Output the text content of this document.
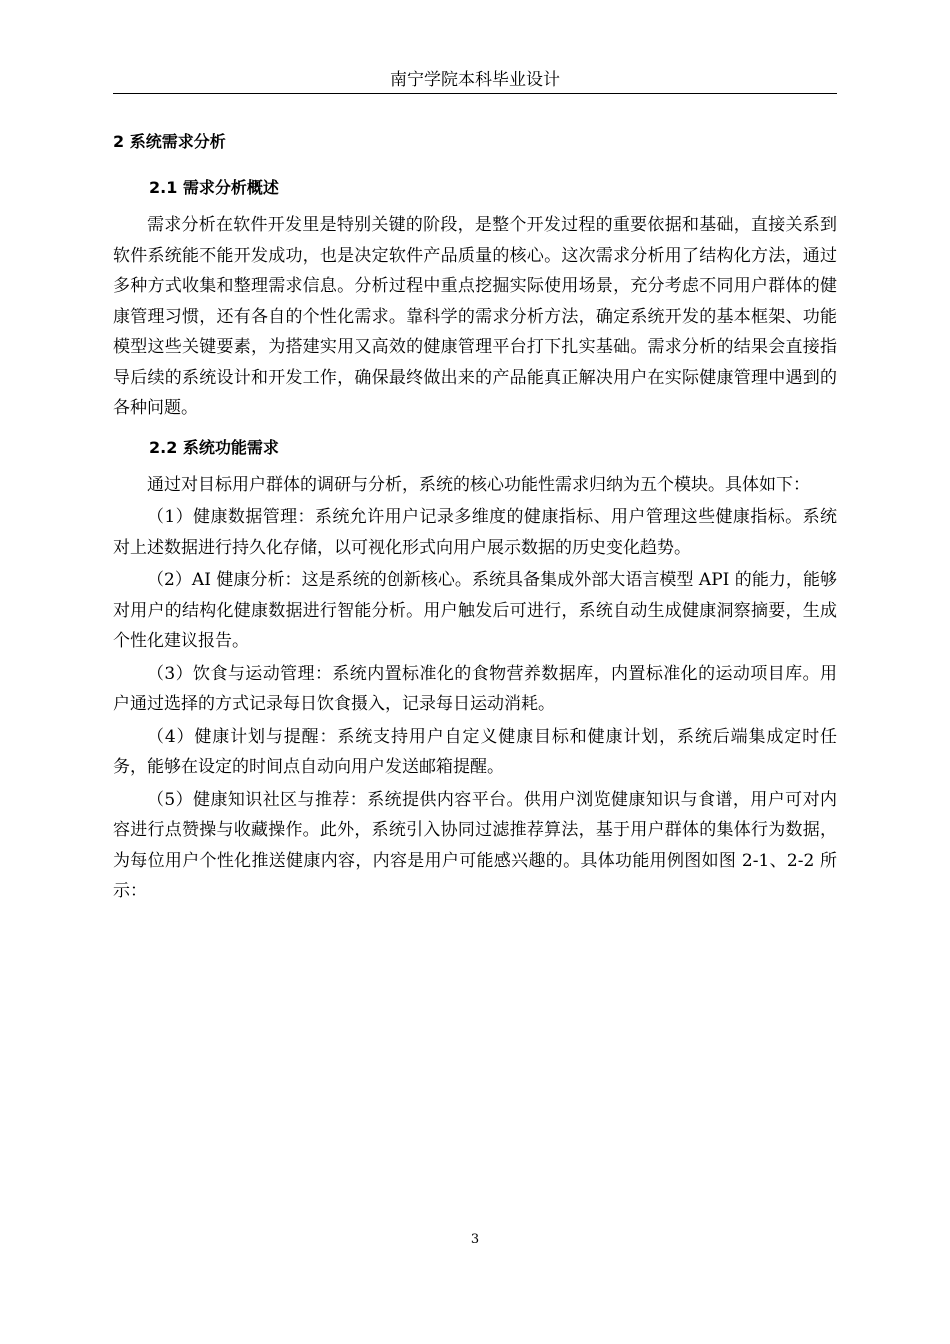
南宁学院本科毕业设计
2 系统需求分析
2.1 需求分析概述

需求分析在软件开发里是特别关键的阶段，是整个开发过程的重要依据和基础，直接关系到软件系统能不能开发成功，也是决定软件产品质量的核心。这次需求分析用了结构化方法，通过多种方式收集和整理需求信息。分析过程中重点挖掘实际使用场景，充分考虑不同用户群体的健康管理习惯，还有各自的个性化需求。靠科学的需求分析方法，确定系统开发的基本框架、功能模型这些关键要素，为搭建实用又高效的健康管理平台打下扎实基础。需求分析的结果会直接指导后续的系统设计和开发工作，确保最终做出来的产品能真正解决用户在实际健康管理中遇到的各种问题。

2.2 系统功能需求

通过对目标用户群体的调研与分析，系统的核心功能性需求归纳为五个模块。具体如下：

（1）健康数据管理：系统允许用户记录多维度的健康指标、用户管理这些健康指标。系统对上述数据进行持久化存储，以可视化形式向用户展示数据的历史变化趋势。

（2）AI 健康分析：这是系统的创新核心。系统具备集成外部大语言模型 API 的能力，能够对用户的结构化健康数据进行智能分析。用户触发后可进行，系统自动生成健康洞察摘要，生成个性化建议报告。

（3）饮食与运动管理：系统内置标准化的食物营养数据库，内置标准化的运动项目库。用户通过选择的方式记录每日饮食摄入，记录每日运动消耗。

（4）健康计划与提醒：系统支持用户自定义健康目标和健康计划，系统后端集成定时任务，能够在设定的时间点自动向用户发送邮箱提醒。

（5）健康知识社区与推荐：系统提供内容平台。供用户浏览健康知识与食谱，用户可对内容进行点赞操与收藏操作。此外，系统引入协同过滤推荐算法，基于用户群体的集体行为数据，为每位用户个性化推送健康内容，内容是用户可能感兴趣的。具体功能用例图如图 2-1、2-2 所示：

3
